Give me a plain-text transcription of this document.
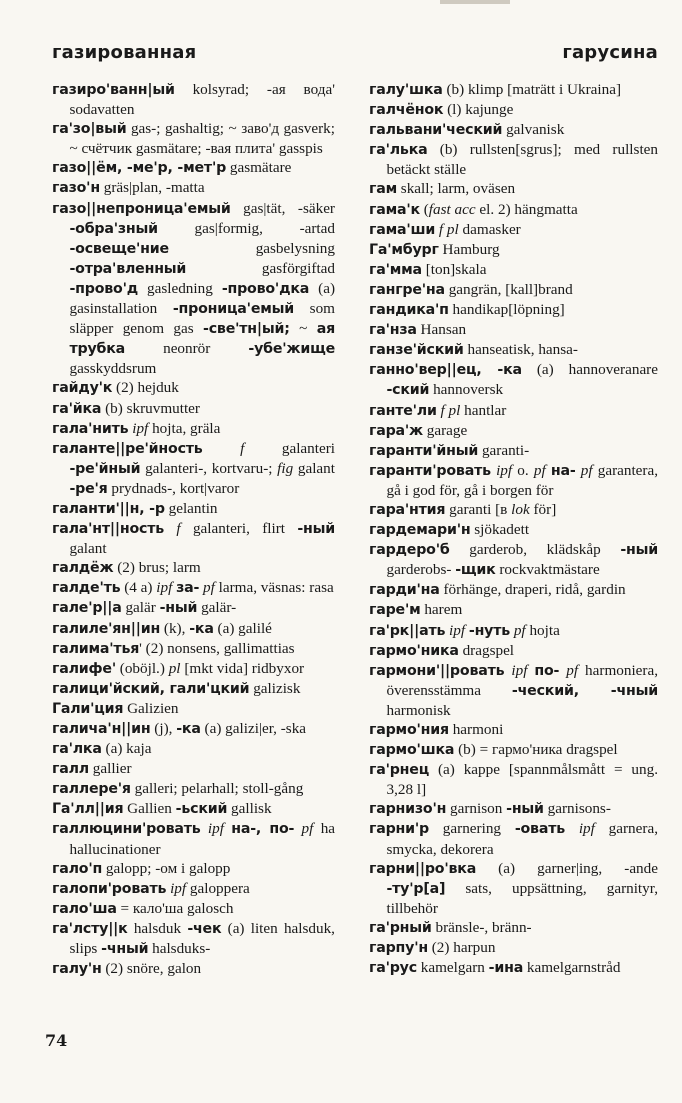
газированная	гарусина

газиро'ванн|ый kolsyrad; -ая вода' sodavatten

га'зо|вый gas-; gashaltig; ~ заво'д gasverk; ~ счётчик gasmätare; -вая плита' gasspis

газо||ём, -ме'р, -мет'р gasmätare

газо'н gräs|plan, -matta

газо||непроница'емый gas|tät, -säker -обра'зный gas|formig, -artad -освеще'ние gasbelysning -отра'вленный gasförgiftad -прово'д gasledning -прово'дка (a) gasinstallation -проница'емый som släpper genom gas -све'тн|ый; ~ ая трубка neonrör -убе'жище gasskyddsrum

гайду'к (2) hejduk

га'йка (b) skruvmutter

гала'нить ipf hojta, gräla

галанте||ре'йность f galanteri -ре'йный galanteri-, kortvaru-; fig galant -ре'я prydnads-, kort|varor

галанти'||н, -р gelantin

гала'нт||ность f galanteri, flirt -ный galant

галдёж (2) brus; larm

галде'ть (4 a) ipf за- pf larma, väsnas: rasa

гале'р||а galär -ный galär-

галиле'ян||ин (k), -ка (a) galilé

галима'тья' (2) nonsens, gallimattias

галифе' (oböjl.) pl [mkt vida] ridbyxor

галици'йский, гали'цкий galizisk

Гали'ция Galizien

галича'н||ин (j), -ка (a) galizi|er, -ska

га'лка (a) kaja

галл gallier

галлере'я galleri; pelarhall; stoll-gång

Га'лл||ия Gallien -ьский gallisk

галлюцини'ровать ipf на-, по- pf ha hallucinationer

гало'п galopp; -ом i galopp

галопи'ровать ipf galoppera

гало'ша = кало'ша galosch

га'лсту||к halsduk -чек (a) liten halsduk, slips -чный halsduks-

галу'н (2) snöre, galon

галу'шка (b) klimp [maträtt i Ukraina]

галчёнок (l) kajunge

гальвани'ческий galvanisk

га'лька (b) rullsten[sgrus]; med rullsten betäckt ställe

гам skall; larm, oväsen

гама'к (fast acc el. 2) hängmatta

гама'ши f pl damasker

Га'мбург Hamburg

га'мма [ton]skala

гангре'на gangrän, [kall]brand

гандика'п handikap[löpning]

га'нза Hansan

ганзе'йский hanseatisk, hansa-

ганно'вер||ец, -ка (a) hannoveranare -ский hannoversk

ганте'ли f pl hantlar

гара'ж garage

гаранти'йный garanti-

гаранти'ровать ipf o. pf на- pf garantera, gå i god för, gå i borgen för

гара'нтия garanti [в lok för]

гардемари'н sjökadett

гардеро'б garderob, klädskåp -ный garderobs- -щик rockvaktmästare

гарди'на förhänge, draperi, ridå, gardin

гаре'м harem

га'рк||ать ipf -нуть pf hojta

гармо'ника dragspel

гармони'||ровать ipf по- pf harmoniera, överensstämma -ческий, -чный harmonisk

гармо'ния harmoni

гармо'шка (b) = гармо'ника dragspel

га'рнец (a) kappe [spannmålsmått = ung. 3,28 l]

гарнизо'н garnison -ный garnisons-

гарни'р garnering -овать ipf garnera, smycka, dekorera

гарни||ро'вка (a) garner|ing, -ande -ту'р[а] sats, uppsättning, garnityr, tillbehör

га'рный bränsle-, bränn-

гарпу'н (2) harpun

га'рус kamelgarn -ина kamelgarnstråd

74
